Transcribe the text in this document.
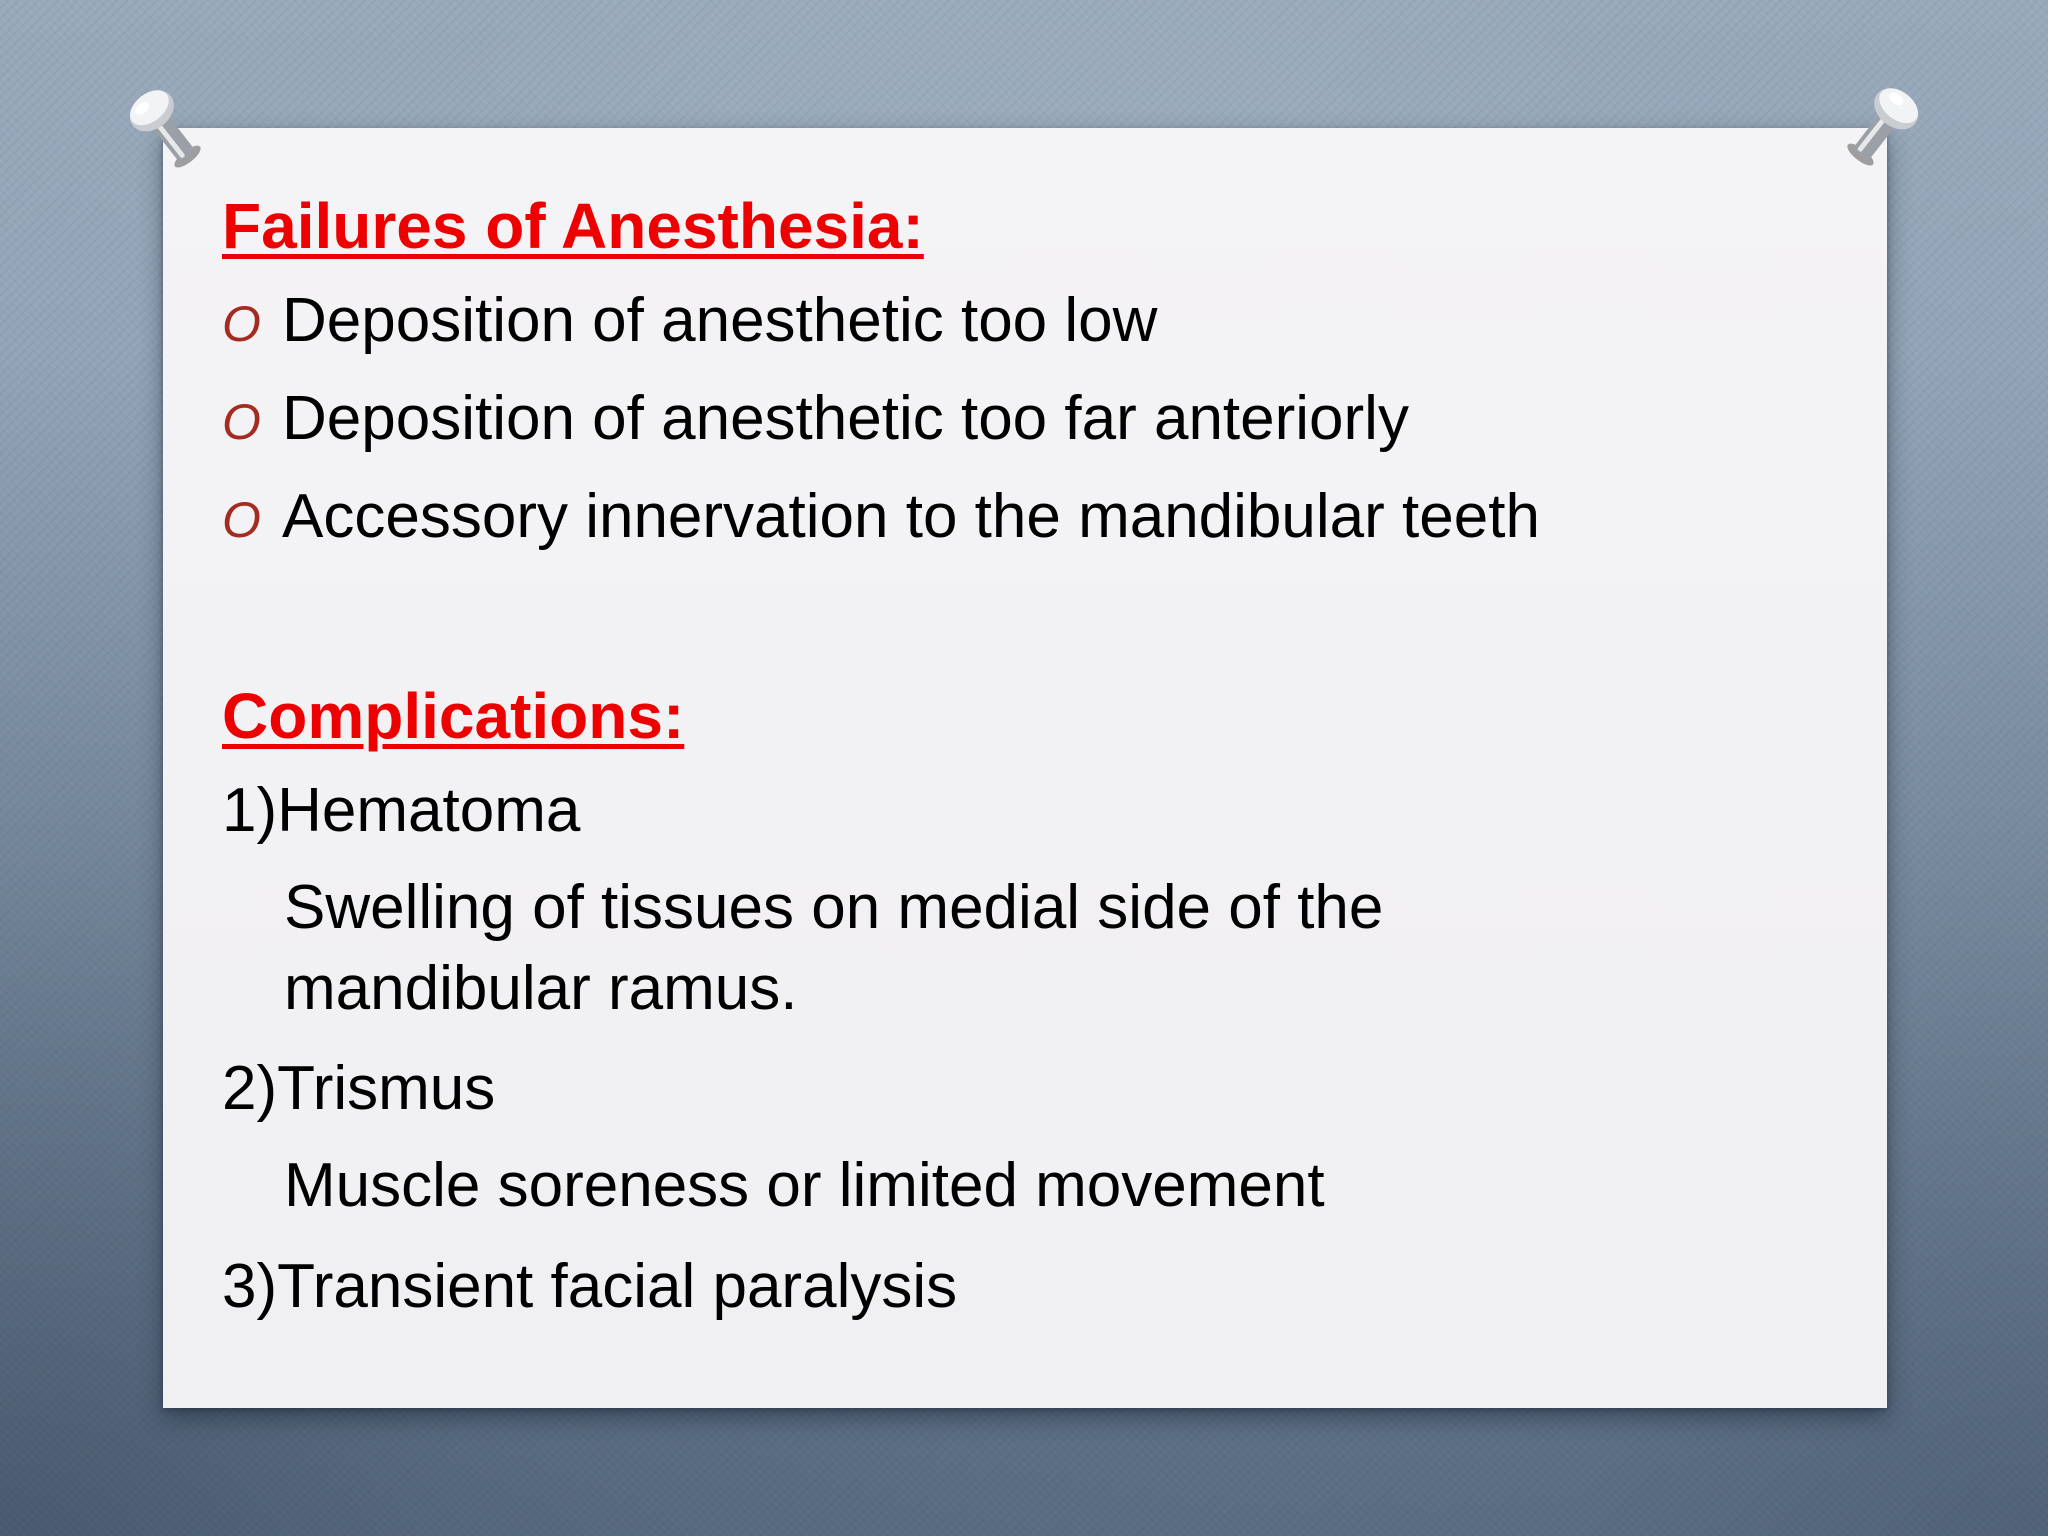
Failures of Anesthesia:
O Deposition of anesthetic too low
O Deposition of anesthetic too far anteriorly
O Accessory innervation to the mandibular teeth
Complications:
1)Hematoma
Swelling of tissues on medial side of the mandibular ramus.
2)Trismus
Muscle soreness or limited movement
3)Transient facial paralysis
